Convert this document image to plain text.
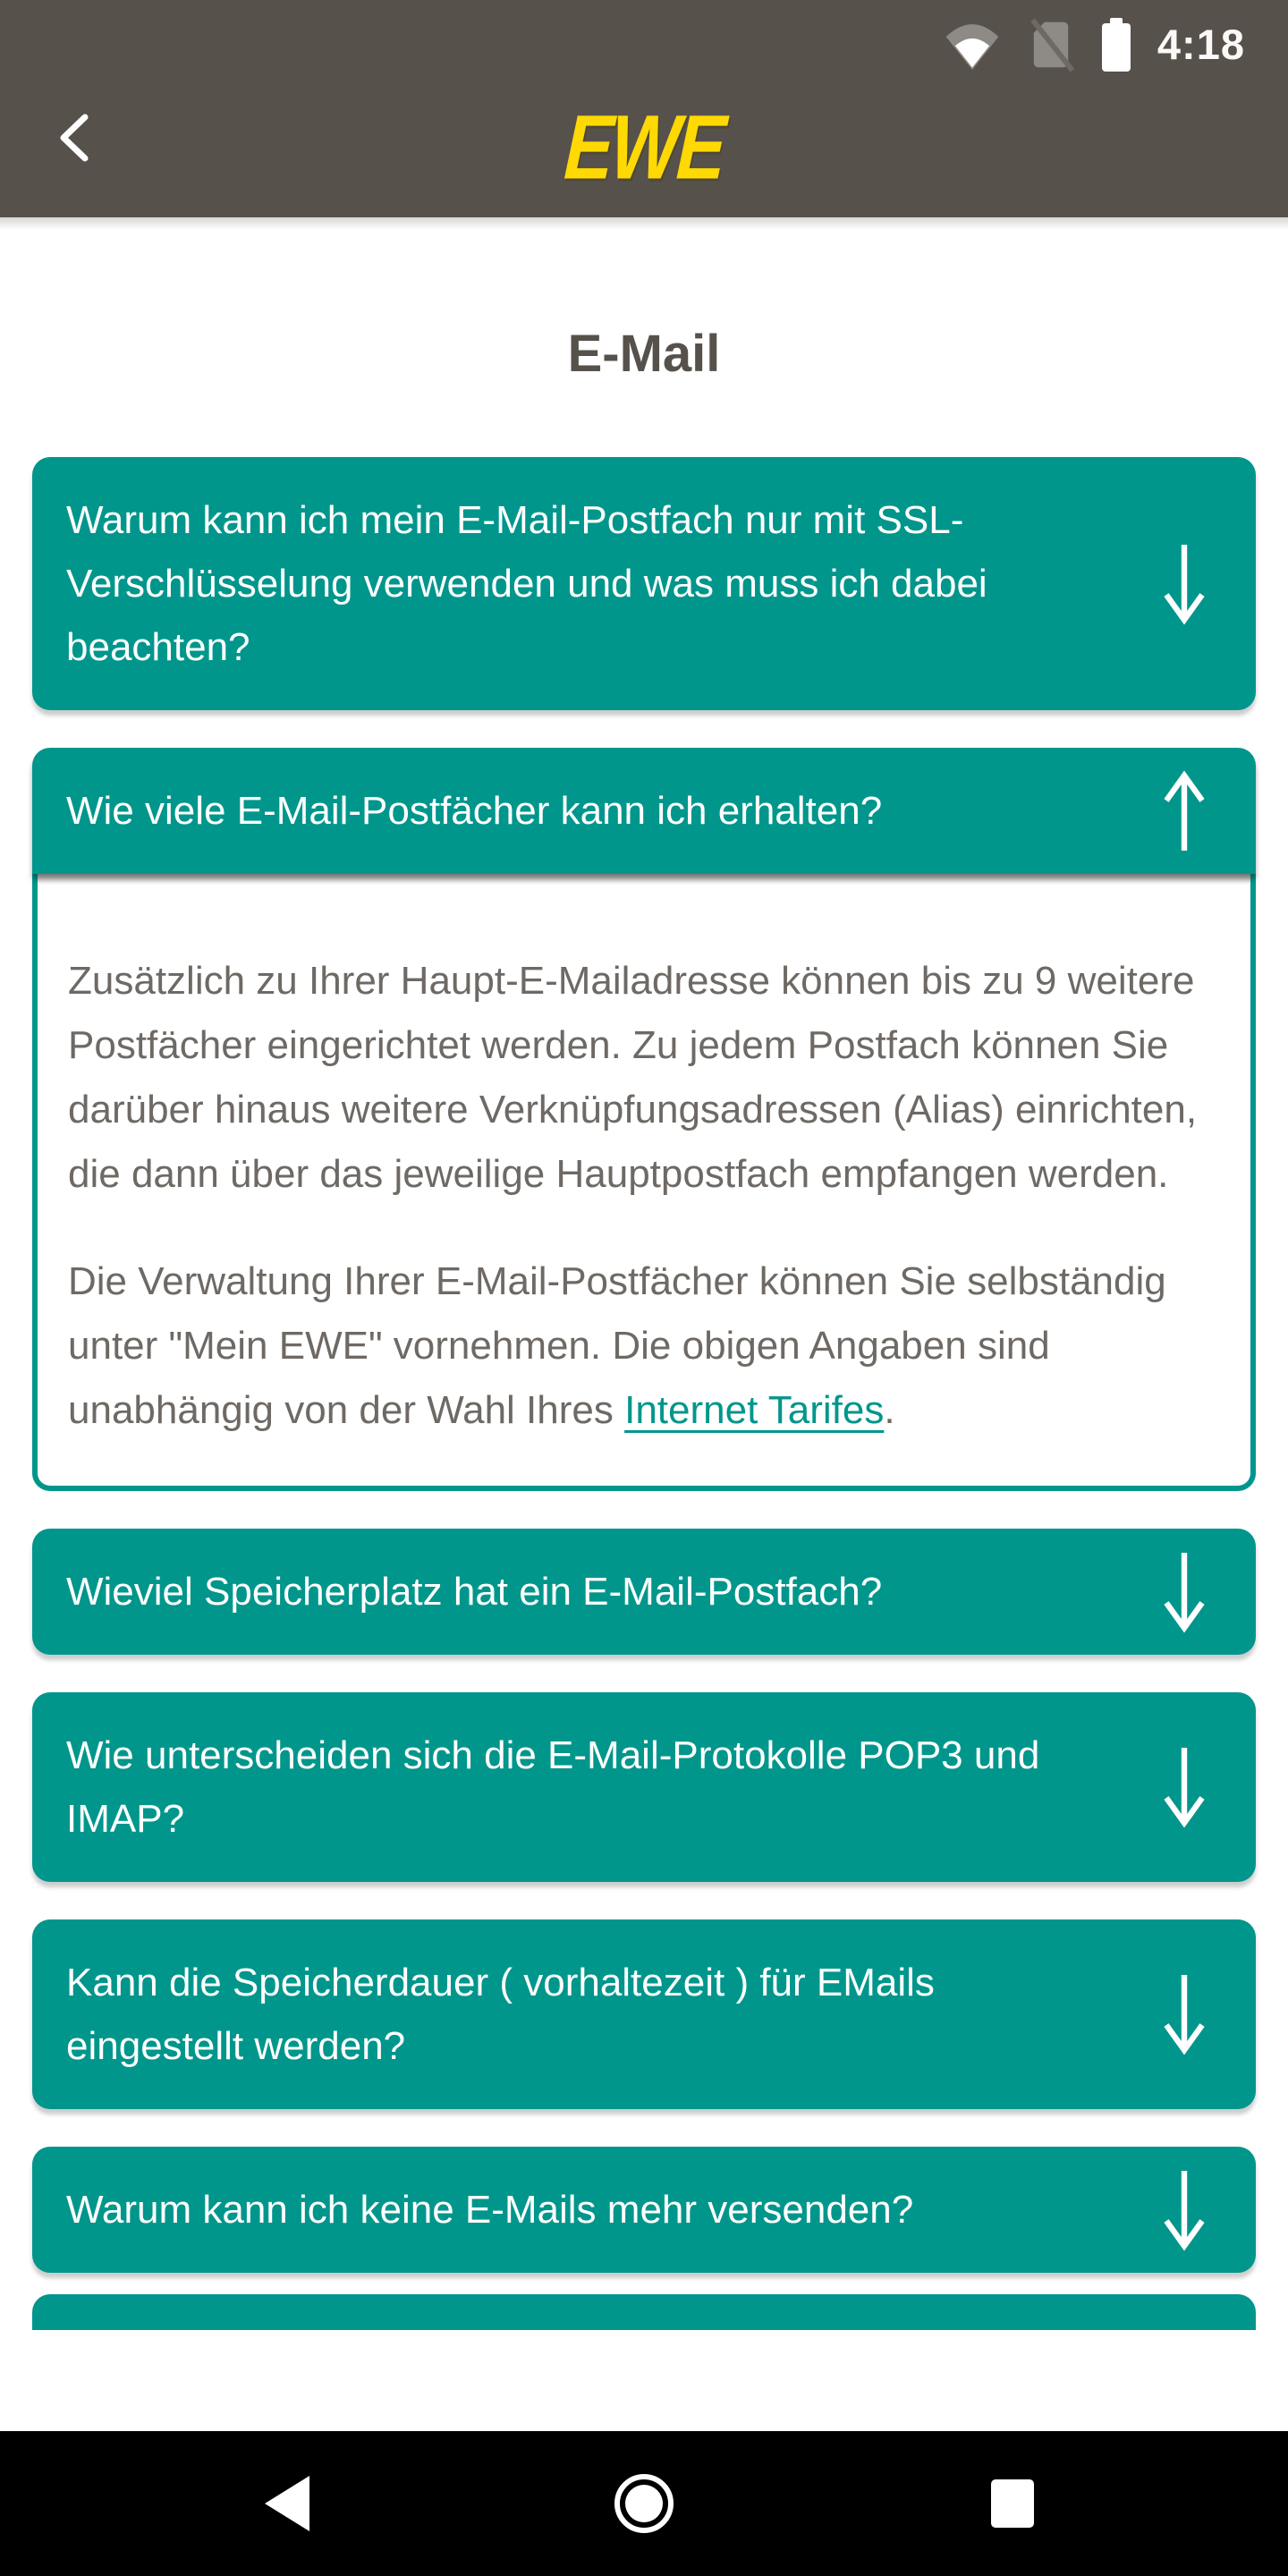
4:18
EWE
E-Mail
Warum kann ich mein E-Mail-Postfach nur mit SSL-Verschlüsselung verwenden und was muss ich dabei beachten?
Wie viele E-Mail-Postfächer kann ich erhalten?

Zusätzlich zu Ihrer Haupt-E-Mailadresse können bis zu 9 weitere Postfächer eingerichtet werden. Zu jedem Postfach können Sie darüber hinaus weitere Verknüpfungsadressen (Alias) einrichten, die dann über das jeweilige Hauptpostfach empfangen werden.

Die Verwaltung Ihrer E-Mail-Postfächer können Sie selbständig unter "Mein EWE" vornehmen. Die obigen Angaben sind unabhängig von der Wahl Ihres Internet Tarifes.

Wieviel Speicherplatz hat ein E-Mail-Postfach?
Wie unterscheiden sich die E-Mail-Protokolle POP3 und IMAP?
Kann die Speicherdauer ( vorhaltezeit ) für EMails eingestellt werden?
Warum kann ich keine E-Mails mehr versenden?
